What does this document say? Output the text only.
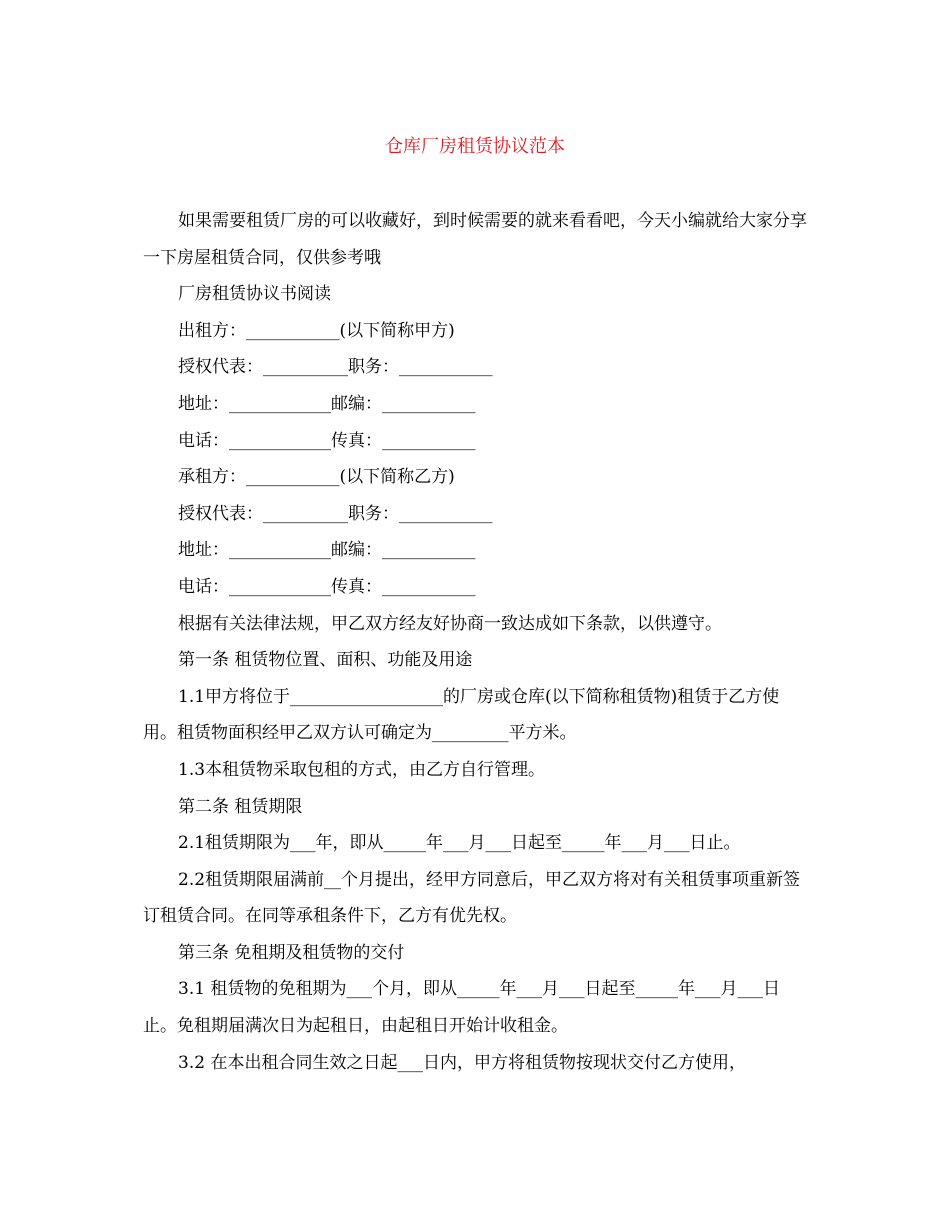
仓库厂房租赁协议范本

如果需要租赁厂房的可以收藏好，到时候需要的就来看看吧，今天小编就给大家分享一下房屋租赁合同，仅供参考哦

厂房租赁协议书阅读

出租方：___________(以下简称甲方)

授权代表：__________职务：___________

地址：____________邮编：___________

电话：____________传真：___________

承租方：___________(以下简称乙方)

授权代表：__________职务：___________

地址：____________邮编：___________

电话：____________传真：___________

根据有关法律法规，甲乙双方经友好协商一致达成如下条款，以供遵守。

第一条 租赁物位置、面积、功能及用途

1.1甲方将位于__________________的厂房或仓库(以下简称租赁物)租赁于乙方使用。租赁物面积经甲乙双方认可确定为_________平方米。

1.3本租赁物采取包租的方式，由乙方自行管理。

第二条 租赁期限

2.1租赁期限为___年，即从_____年___月___日起至_____年___月___日止。

2.2租赁期限届满前__个月提出，经甲方同意后，甲乙双方将对有关租赁事项重新签订租赁合同。在同等承租条件下，乙方有优先权。

第三条 免租期及租赁物的交付

3.1 租赁物的免租期为___个月，即从_____年___月___日起至_____年___月___日止。免租期届满次日为起租日，由起租日开始计收租金。

3.2 在本出租合同生效之日起___日内，甲方将租赁物按现状交付乙方使用，
